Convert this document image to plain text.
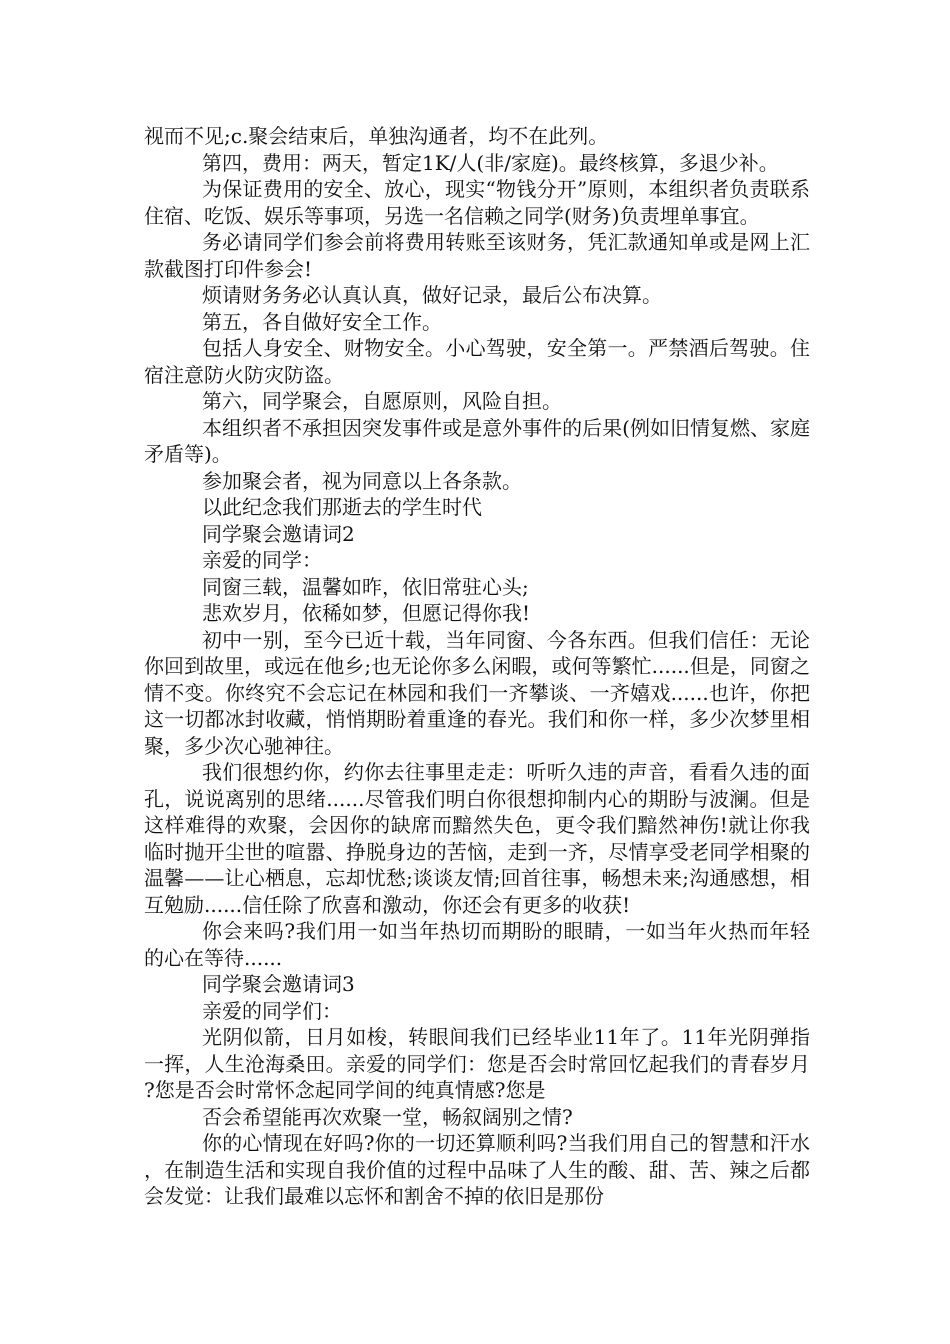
视而不见;c.聚会结束后，单独沟通者，均不在此列。

第四，费用：两天，暂定1K/人(非/家庭)。最终核算，多退少补。

为保证费用的安全、放心，现实“物钱分开”原则，本组织者负责联系住宿、吃饭、娱乐等事项，另选一名信赖之同学(财务)负责埋单事宜。

务必请同学们参会前将费用转账至该财务，凭汇款通知单或是网上汇款截图打印件参会!

烦请财务务必认真认真，做好记录，最后公布决算。

第五，各自做好安全工作。

包括人身安全、财物安全。小心驾驶，安全第一。严禁酒后驾驶。住宿注意防火防灾防盗。

第六，同学聚会，自愿原则，风险自担。

本组织者不承担因突发事件或是意外事件的后果(例如旧情复燃、家庭矛盾等)。

参加聚会者，视为同意以上各条款。

以此纪念我们那逝去的学生时代

同学聚会邀请词2

亲爱的同学：

同窗三载，温馨如昨，依旧常驻心头;

悲欢岁月，依稀如梦，但愿记得你我!

初中一别，至今已近十载，当年同窗、今各东西。但我们信任：无论你回到故里，或远在他乡;也无论你多么闲暇，或何等繁忙......但是，同窗之情不变。你终究不会忘记在林园和我们一齐攀谈、一齐嬉戏......也许，你把这一切都冰封收藏，悄悄期盼着重逢的春光。我们和你一样，多少次梦里相聚，多少次心驰神往。

我们很想约你，约你去往事里走走：听听久违的声音，看看久违的面孔，说说离别的思绪......尽管我们明白你很想抑制内心的期盼与波澜。但是这样难得的欢聚，会因你的缺席而黯然失色，更令我们黯然神伤!就让你我临时抛开尘世的喧嚣、挣脱身边的苦恼，走到一齐，尽情享受老同学相聚的温馨——让心栖息，忘却忧愁;谈谈友情;回首往事，畅想未来;沟通感想，相互勉励......信任除了欣喜和激动，你还会有更多的收获!

你会来吗?我们用一如当年热切而期盼的眼睛，一如当年火热而年轻的心在等待......

同学聚会邀请词3

亲爱的同学们：

光阴似箭，日月如梭，转眼间我们已经毕业11年了。11年光阴弹指一挥，人生沧海桑田。亲爱的同学们：您是否会时常回忆起我们的青春岁月?您是否会时常怀念起同学间的纯真情感?您是

否会希望能再次欢聚一堂，畅叙阔别之情?

你的心情现在好吗?你的一切还算顺利吗?当我们用自己的智慧和汗水，在制造生活和实现自我价值的过程中品味了人生的酸、甜、苦、辣之后都会发觉：让我们最难以忘怀和割舍不掉的依旧是那份
